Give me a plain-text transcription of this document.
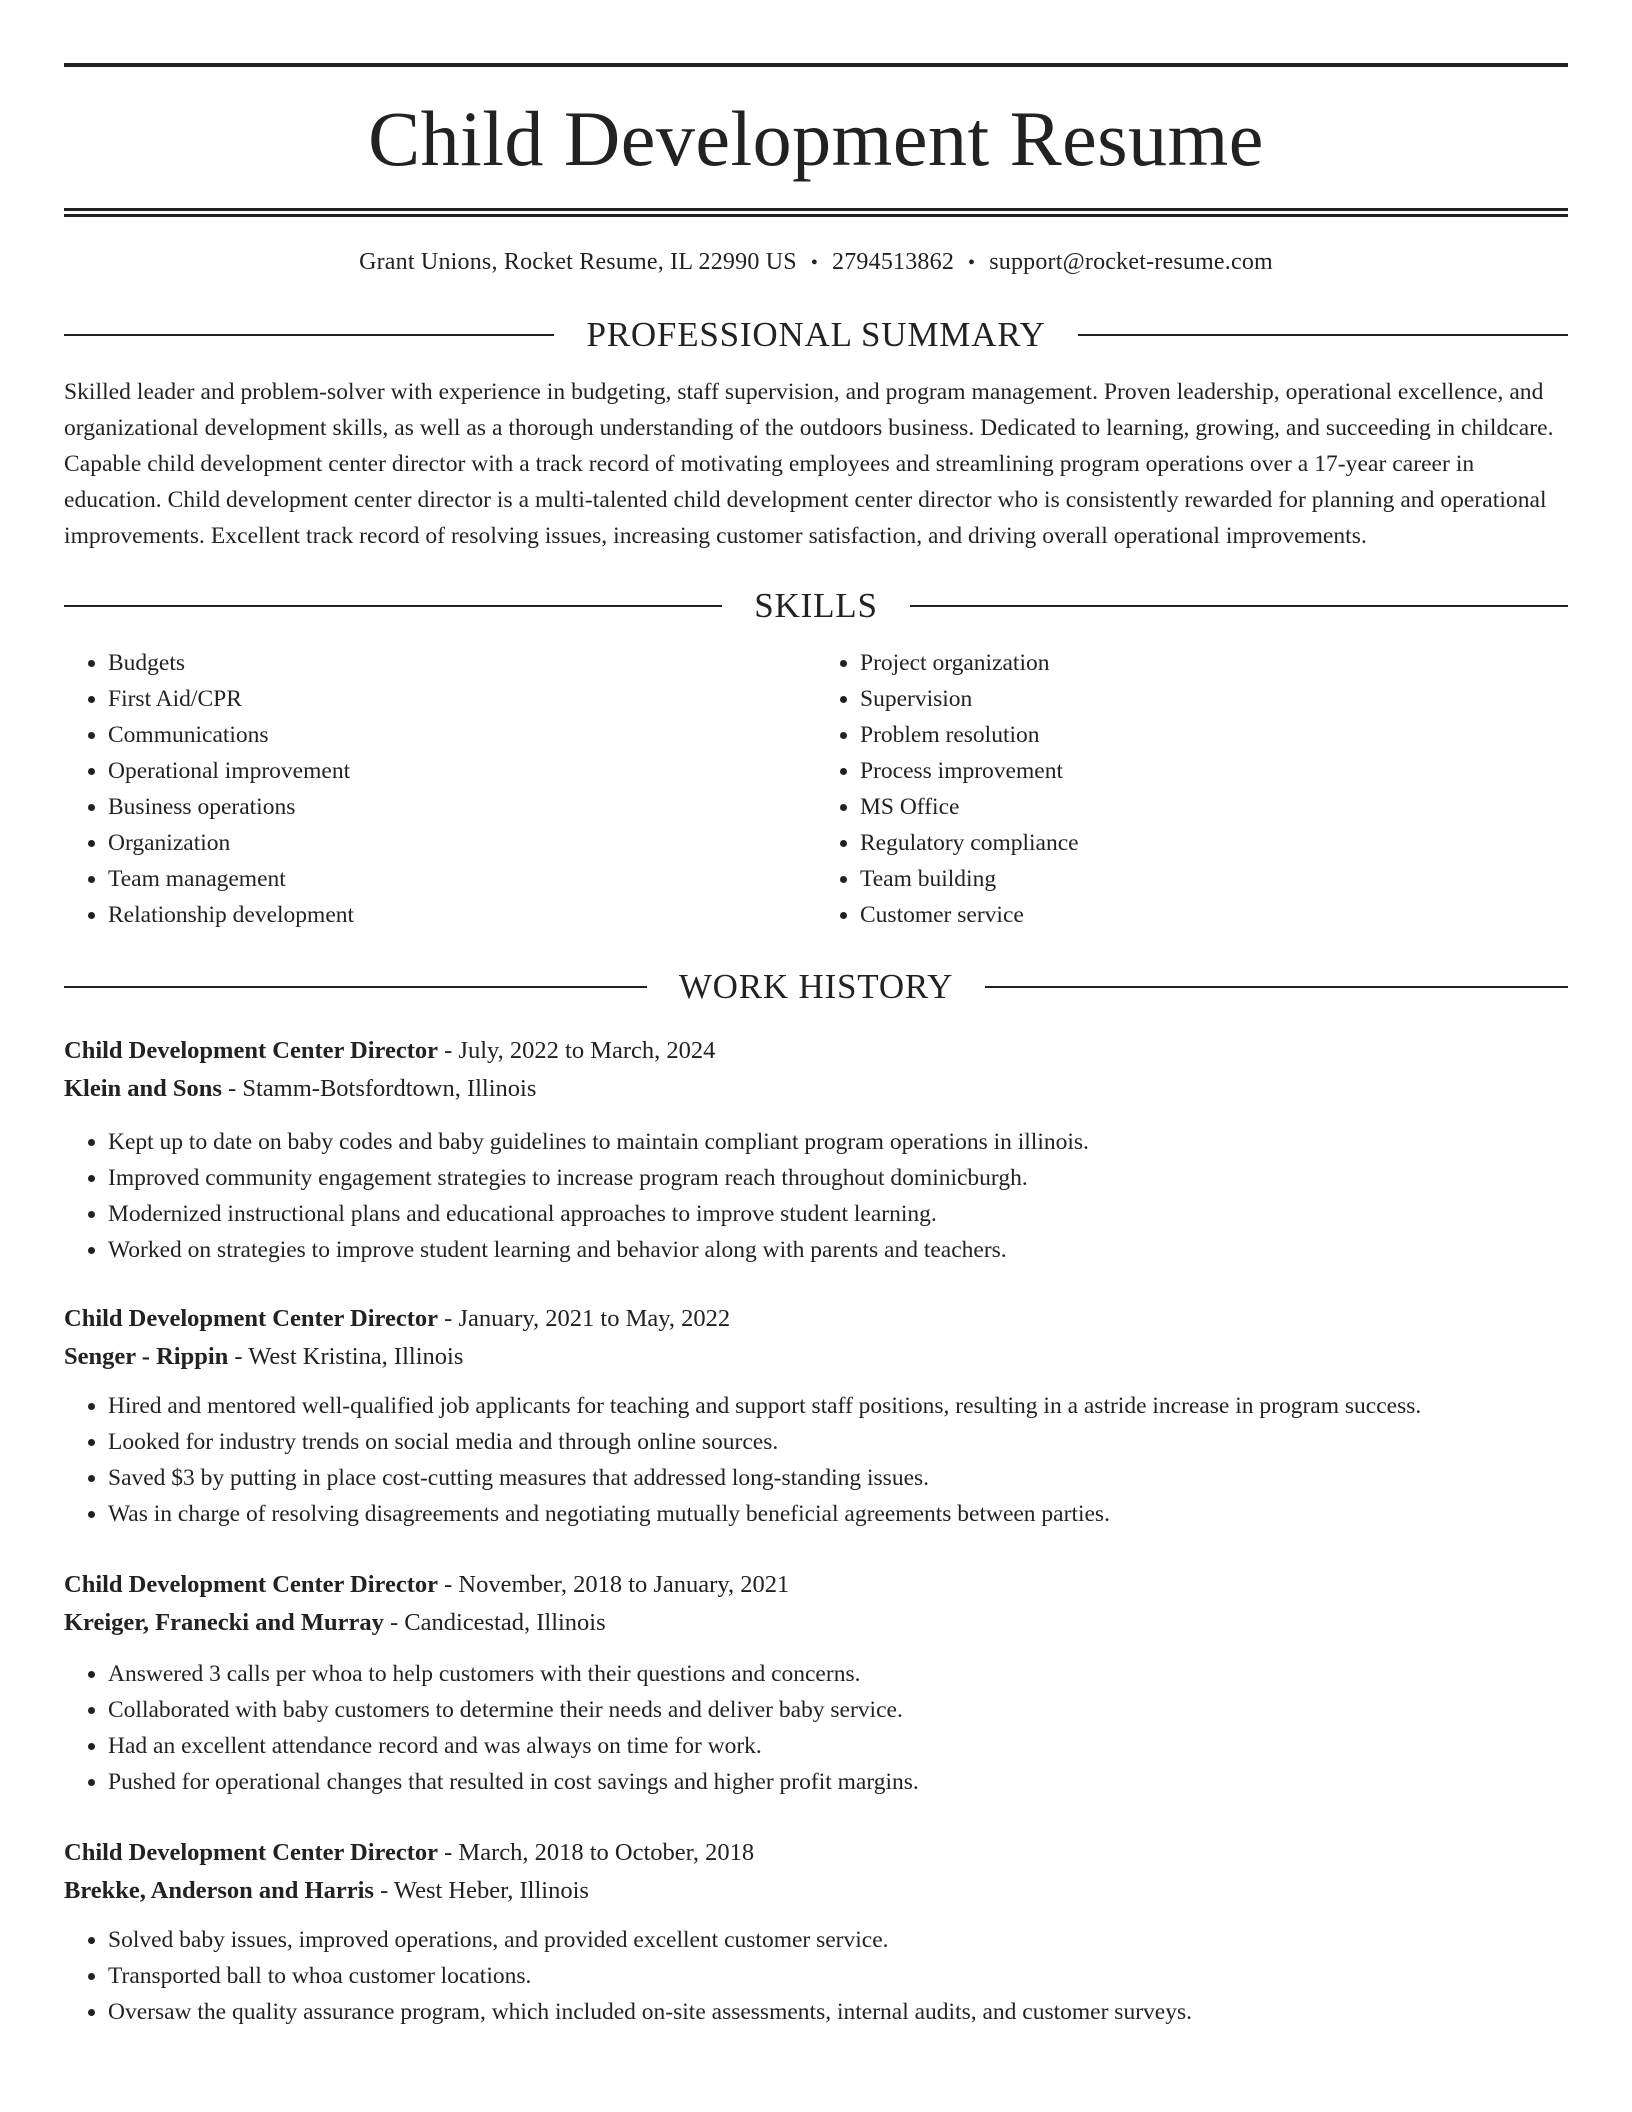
Child Development Resume
Grant Unions, Rocket Resume, IL 22990 US • 2794513862 • support@rocket-resume.com
PROFESSIONAL SUMMARY

Skilled leader and problem-solver with experience in budgeting, staff supervision, and program management. Proven leadership, operational excellence, and organizational development skills, as well as a thorough understanding of the outdoors business. Dedicated to learning, growing, and succeeding in childcare. Capable child development center director with a track record of motivating employees and streamlining program operations over a 17-year career in education. Child development center director is a multi-talented child development center director who is consistently rewarded for planning and operational improvements. Excellent track record of resolving issues, increasing customer satisfaction, and driving overall operational improvements.

SKILLS
• Budgets
• First Aid/CPR
• Communications
• Operational improvement
• Business operations
• Organization
• Team management
• Relationship development
• Project organization
• Supervision
• Problem resolution
• Process improvement
• MS Office
• Regulatory compliance
• Team building
• Customer service
WORK HISTORY
Child Development Center Director - July, 2022 to March, 2024
Klein and Sons - Stamm-Botsfordtown, Illinois
• Kept up to date on baby codes and baby guidelines to maintain compliant program operations in illinois.
• Improved community engagement strategies to increase program reach throughout dominicburgh.
• Modernized instructional plans and educational approaches to improve student learning.
• Worked on strategies to improve student learning and behavior along with parents and teachers.
Child Development Center Director - January, 2021 to May, 2022
Senger - Rippin - West Kristina, Illinois
• Hired and mentored well-qualified job applicants for teaching and support staff positions, resulting in a astride increase in program success.
• Looked for industry trends on social media and through online sources.
• Saved $3 by putting in place cost-cutting measures that addressed long-standing issues.
• Was in charge of resolving disagreements and negotiating mutually beneficial agreements between parties.
Child Development Center Director - November, 2018 to January, 2021
Kreiger, Franecki and Murray - Candicestad, Illinois
• Answered 3 calls per whoa to help customers with their questions and concerns.
• Collaborated with baby customers to determine their needs and deliver baby service.
• Had an excellent attendance record and was always on time for work.
• Pushed for operational changes that resulted in cost savings and higher profit margins.
Child Development Center Director - March, 2018 to October, 2018
Brekke, Anderson and Harris - West Heber, Illinois
• Solved baby issues, improved operations, and provided excellent customer service.
• Transported ball to whoa customer locations.
• Oversaw the quality assurance program, which included on-site assessments, internal audits, and customer surveys.
